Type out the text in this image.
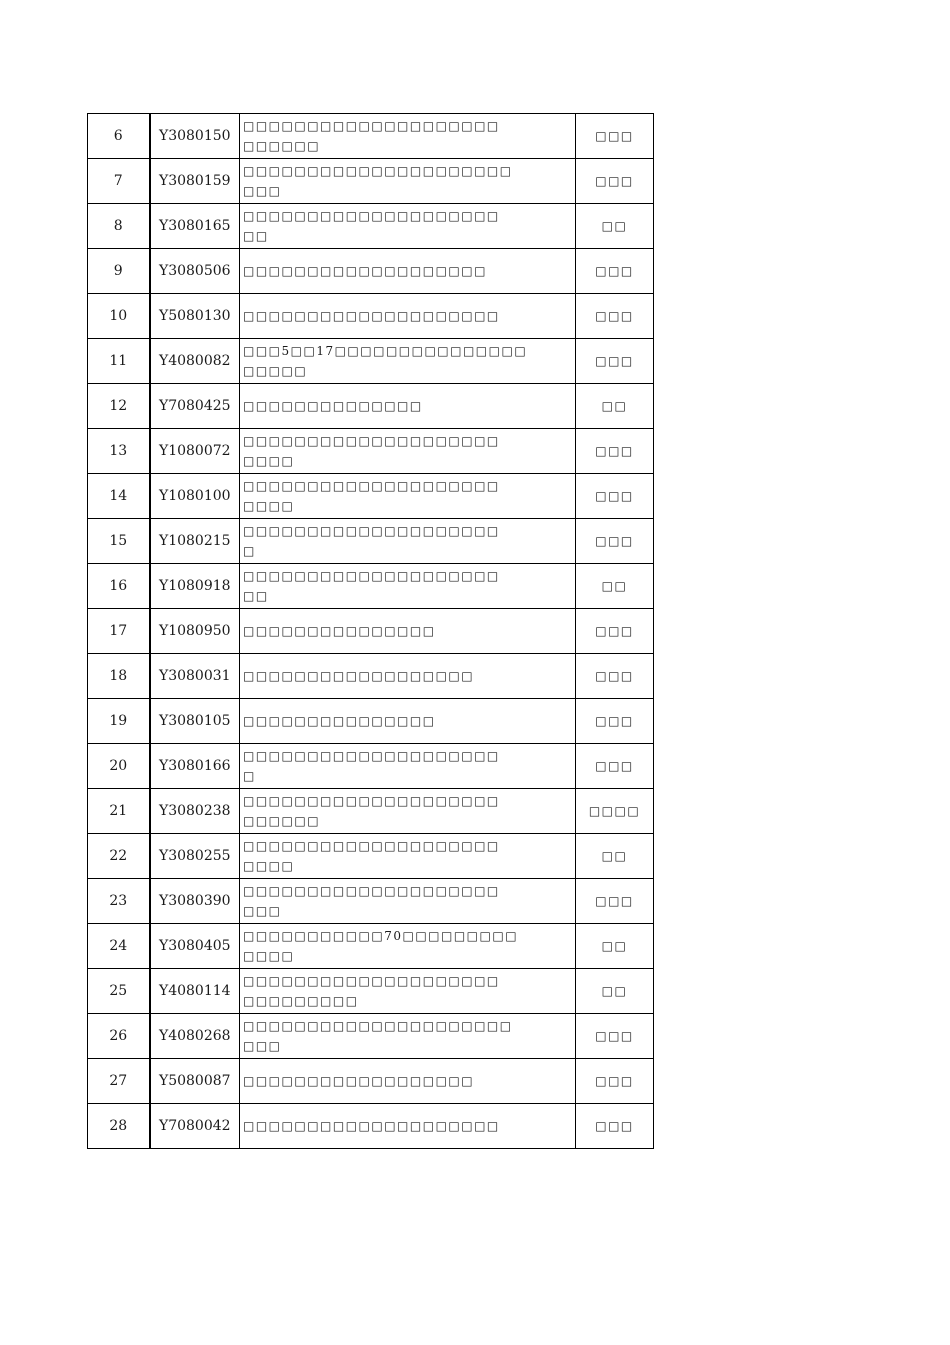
6	Y3080150	□□□□□□□□□□□□□□□□□□□□
□□□□□□	□□□
7	Y3080159	□□□□□□□□□□□□□□□□□□□□□
□□□	□□□
8	Y3080165	□□□□□□□□□□□□□□□□□□□□
□□	□□
9	Y3080506	□□□□□□□□□□□□□□□□□□□	□□□
10	Y5080130	□□□□□□□□□□□□□□□□□□□□	□□□
11	Y4080082	□□□5□□17□□□□□□□□□□□□□□□
□□□□□	□□□
12	Y7080425	□□□□□□□□□□□□□□	□□
13	Y1080072	□□□□□□□□□□□□□□□□□□□□
□□□□	□□□
14	Y1080100	□□□□□□□□□□□□□□□□□□□□
□□□□	□□□
15	Y1080215	□□□□□□□□□□□□□□□□□□□□
□	□□□
16	Y1080918	□□□□□□□□□□□□□□□□□□□□
□□	□□
17	Y1080950	□□□□□□□□□□□□□□□	□□□
18	Y3080031	□□□□□□□□□□□□□□□□□□	□□□
19	Y3080105	□□□□□□□□□□□□□□□	□□□
20	Y3080166	□□□□□□□□□□□□□□□□□□□□
□	□□□
21	Y3080238	□□□□□□□□□□□□□□□□□□□□
□□□□□□	□□□□
22	Y3080255	□□□□□□□□□□□□□□□□□□□□
□□□□	□□
23	Y3080390	□□□□□□□□□□□□□□□□□□□□
□□□	□□□
24	Y3080405	□□□□□□□□□□□70□□□□□□□□□
□□□□	□□
25	Y4080114	□□□□□□□□□□□□□□□□□□□□
□□□□□□□□□	□□
26	Y4080268	□□□□□□□□□□□□□□□□□□□□□
□□□	□□□
27	Y5080087	□□□□□□□□□□□□□□□□□□	□□□
28	Y7080042	□□□□□□□□□□□□□□□□□□□□	□□□
